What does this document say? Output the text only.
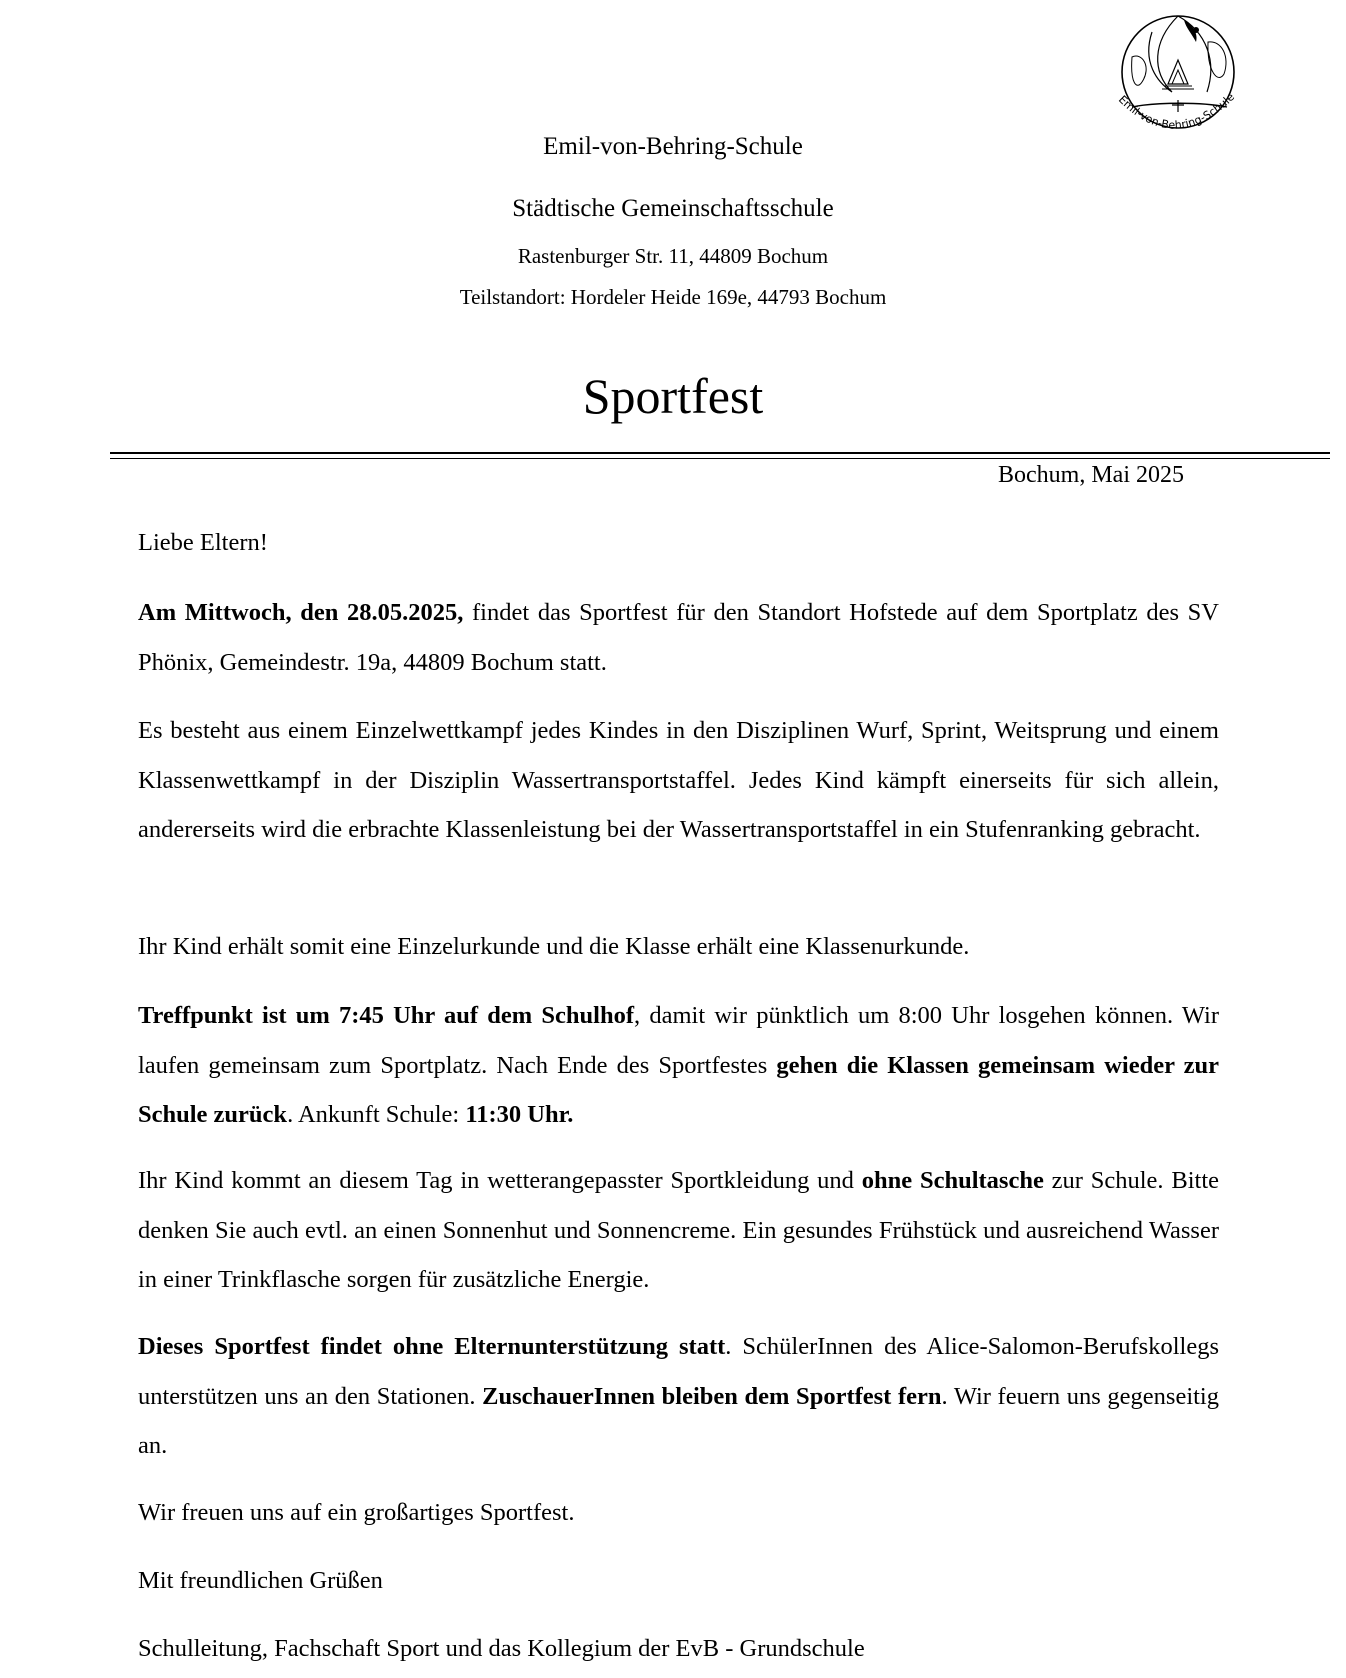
Emil-von-Behring-Schule
Emil-von-Behring-Schule
Städtische Gemeinschaftsschule
Rastenburger Str. 11, 44809 Bochum
Teilstandort: Hordeler Heide 169e, 44793 Bochum
Sportfest
Bochum, Mai 2025

Liebe Eltern!

Am Mittwoch, den 28.05.2025, findet das Sportfest für den Standort Hofstede auf dem Sportplatz des SV Phönix, Gemeindestr. 19a, 44809 Bochum statt.

Es besteht aus einem Einzelwettkampf jedes Kindes in den Disziplinen Wurf, Sprint, Weitsprung und einem Klassenwettkampf in der Disziplin Wassertransportstaffel. Jedes Kind kämpft einerseits für sich allein, andererseits wird die erbrachte Klassenleistung bei der Wassertransportstaffel in ein Stufenranking gebracht.

Ihr Kind erhält somit eine Einzelurkunde und die Klasse erhält eine Klassenurkunde.

Treffpunkt ist um 7:45 Uhr auf dem Schulhof, damit wir pünktlich um 8:00 Uhr losgehen können. Wir laufen gemeinsam zum Sportplatz. Nach Ende des Sportfestes gehen die Klassen gemeinsam wieder zur Schule zurück. Ankunft Schule: 11:30 Uhr.

Ihr Kind kommt an diesem Tag in wetterangepasster Sportkleidung und ohne Schultasche zur Schule. Bitte denken Sie auch evtl. an einen Sonnenhut und Sonnencreme. Ein gesundes Frühstück und ausreichend Wasser in einer Trinkflasche sorgen für zusätzliche Energie.

Dieses Sportfest findet ohne Elternunterstützung statt. SchülerInnen des Alice-Salomon-Berufskollegs unterstützen uns an den Stationen. ZuschauerInnen bleiben dem Sportfest fern. Wir feuern uns gegenseitig an.

Wir freuen uns auf ein großartiges Sportfest.

Mit freundlichen Grüßen

Schulleitung, Fachschaft Sport und das Kollegium der EvB - Grundschule
